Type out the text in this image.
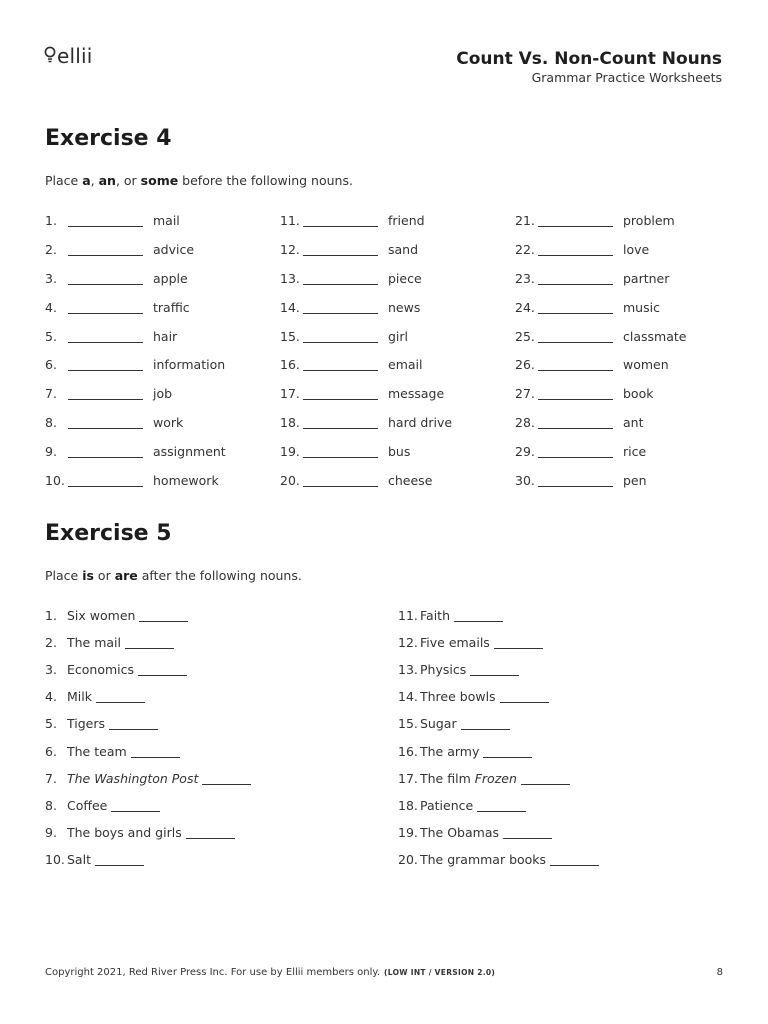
ellii	Count Vs. Non-Count Nouns

Grammar Practice Worksheets

Exercise 4

Place a, an, or some before the following nouns.

1.	mail
2.	advice
3.	apple
4.	traffic
5.	hair
6.	information
7.	job
8.	work
9.	assignment
10.	homework
11.	friend
12.	sand
13.	piece
14.	news
15.	girl
16.	email
17.	message
18.	hard drive
19.	bus
20.	cheese
21.	problem
22.	love
23.	partner
24.	music
25.	classmate
26.	women
27.	book
28.	ant
29.	rice
30.	pen
Exercise 5

Place is or are after the following nouns.

1. Six women
2. The mail
3. Economics
4. Milk
5. Tigers
6. The team
7. The Washington Post
8. Coffee
9. The boys and girls
10. Salt
11. Faith
12. Five emails
13. Physics
14. Three bowls
15. Sugar
16. The army
17. The film Frozen
18. Patience
19. The Obamas
20. The grammar books
Copyright 2021, Red River Press Inc. For use by Ellii members only. (LOW INT / VERSION 2.0)	8
